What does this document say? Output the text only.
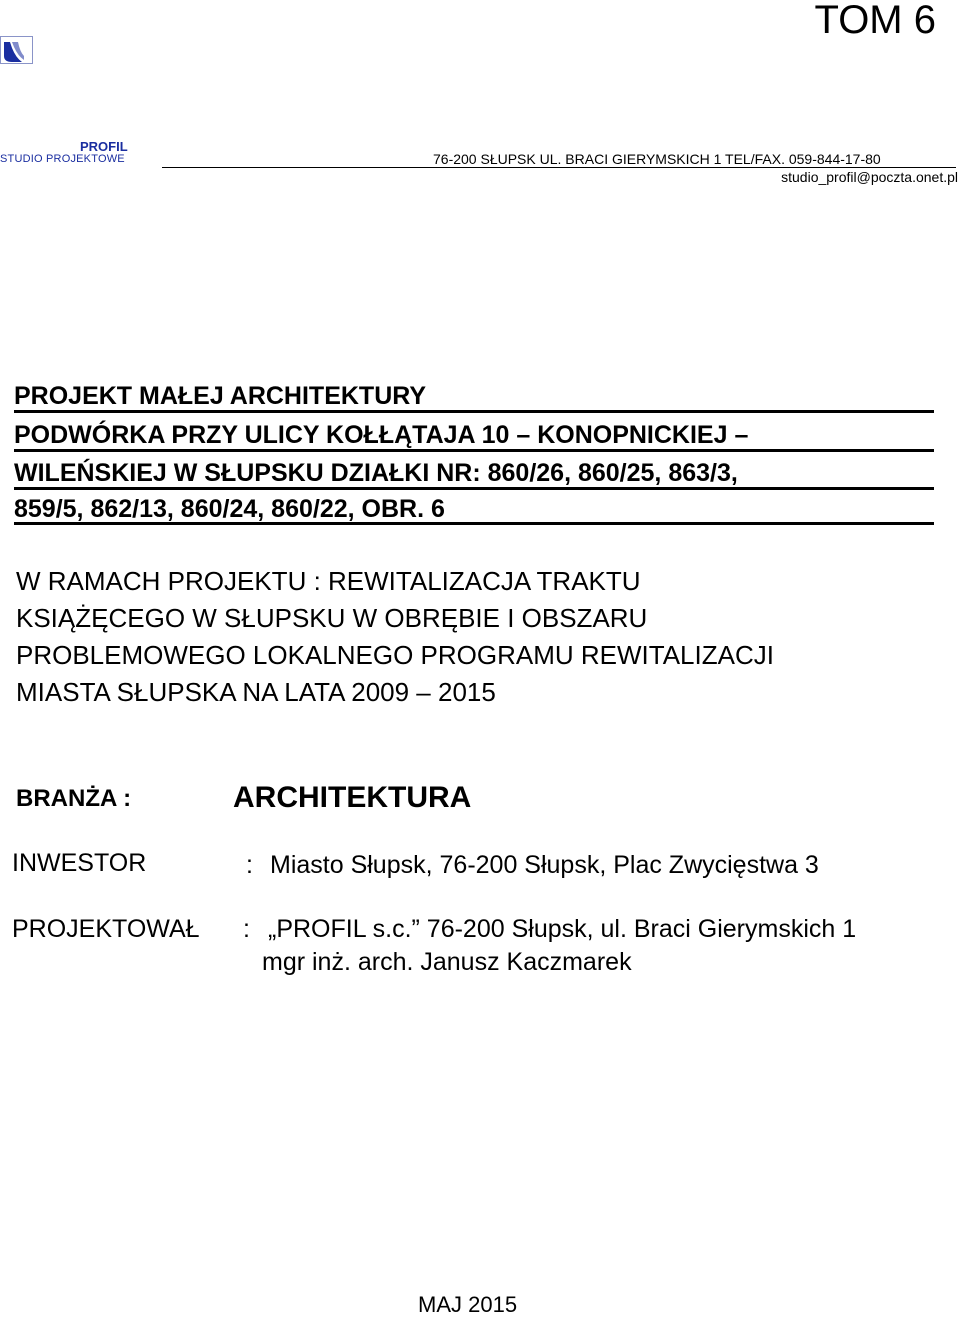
TOM 6
PROFIL
STUDIO PROJEKTOWE	76-200 SŁUPSK UL. BRACI GIERYMSKICH 1 TEL/FAX. 059-844-17-80
studio_profil@poczta.onet.pl
PROJEKT MAŁEJ ARCHITEKTURY
PODWÓRKA PRZY ULICY KOŁŁĄTAJA 10 – KONOPNICKIEJ –
WILEŃSKIEJ W SŁUPSKU DZIAŁKI NR: 860/26, 860/25, 863/3,
859/5, 862/13, 860/24, 860/22, OBR. 6
W RAMACH PROJEKTU : REWITALIZACJA TRAKTU
KSIĄŻĘCEGO W SŁUPSKU W OBRĘBIE I OBSZARU
PROBLEMOWEGO LOKALNEGO PROGRAMU REWITALIZACJI
MIASTA SŁUPSKA NA LATA 2009 – 2015
BRANŻA :	ARCHITEKTURA
INWESTOR	: Miasto Słupsk, 76-200 Słupsk, Plac Zwycięstwa 3
PROJEKTOWAŁ : „PROFIL s.c.” 76-200 Słupsk, ul. Braci Gierymskich 1
mgr inż. arch. Janusz Kaczmarek
MAJ 2015
